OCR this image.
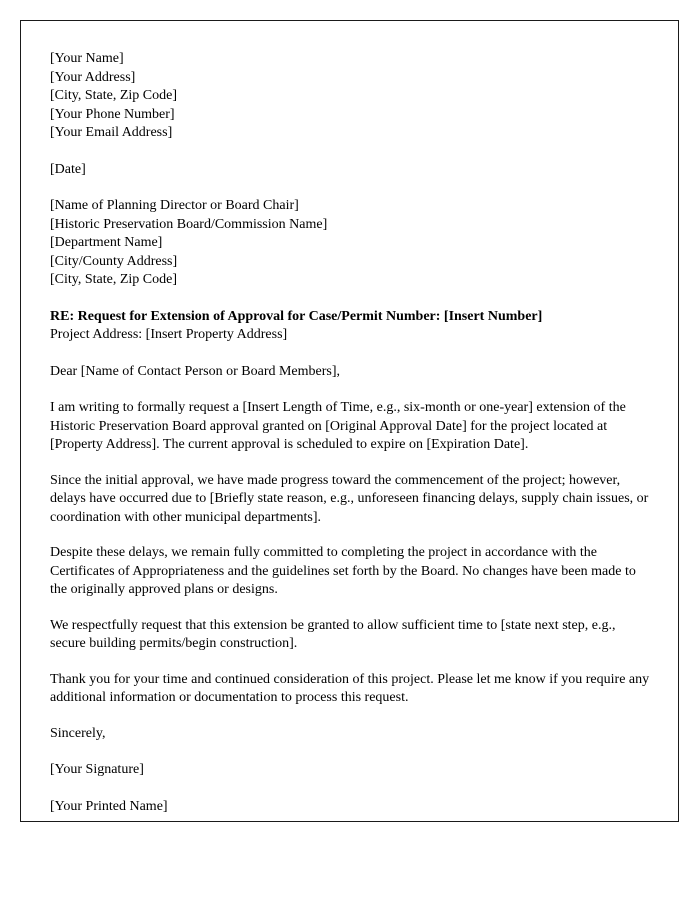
[Your Name]
[Your Address]
[City, State, Zip Code]
[Your Phone Number]
[Your Email Address]
[Date]
[Name of Planning Director or Board Chair]
[Historic Preservation Board/Commission Name]
[Department Name]
[City/County Address]
[City, State, Zip Code]
RE: Request for Extension of Approval for Case/Permit Number: [Insert Number]
Project Address: [Insert Property Address]
Dear [Name of Contact Person or Board Members],

I am writing to formally request a [Insert Length of Time, e.g., six-month or one-year] extension of the Historic Preservation Board approval granted on [Original Approval Date] for the project located at [Property Address]. The current approval is scheduled to expire on [Expiration Date].

Since the initial approval, we have made progress toward the commencement of the project; however, delays have occurred due to [Briefly state reason, e.g., unforeseen financing delays, supply chain issues, or coordination with other municipal departments].

Despite these delays, we remain fully committed to completing the project in accordance with the Certificates of Appropriateness and the guidelines set forth by the Board. No changes have been made to the originally approved plans or designs.

We respectfully request that this extension be granted to allow sufficient time to [state next step, e.g., secure building permits/begin construction].

Thank you for your time and continued consideration of this project. Please let me know if you require any additional information or documentation to process this request.

Sincerely,
[Your Signature]
[Your Printed Name]
